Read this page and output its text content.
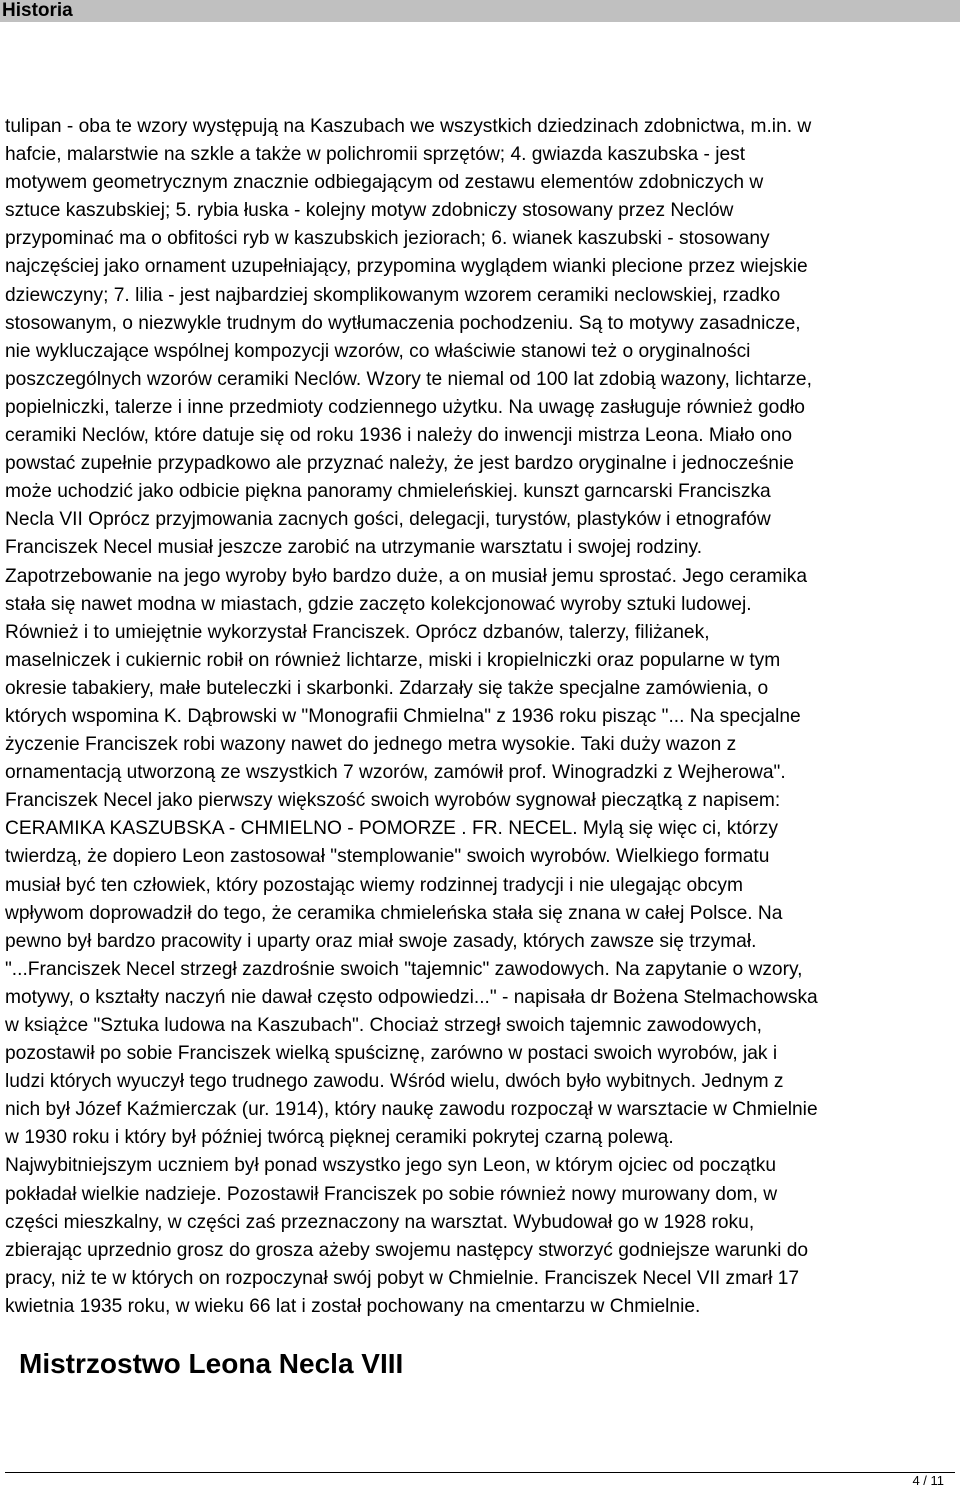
Historia

tulipan - oba te wzory występują na Kaszubach we wszystkich dziedzinach zdobnictwa, m.in. w
hafcie, malarstwie na szkle a także w polichromii sprzętów; 4. gwiazda kaszubska - jest
motywem geometrycznym znacznie odbiegającym od zestawu elementów zdobniczych w
sztuce kaszubskiej; 5. rybia łuska - kolejny motyw zdobniczy stosowany przez Neclów
przypominać ma o obfitości ryb w kaszubskich jeziorach; 6. wianek kaszubski - stosowany
najczęściej jako ornament uzupełniający, przypomina wyglądem wianki plecione przez wiejskie
dziewczyny; 7. lilia - jest najbardziej skomplikowanym wzorem ceramiki neclowskiej, rzadko
stosowanym, o niezwykle trudnym do wytłumaczenia pochodzeniu. Są to motywy zasadnicze,
nie wykluczające wspólnej kompozycji wzorów, co właściwie stanowi też o oryginalności
poszczególnych wzorów ceramiki Neclów. Wzory te niemal od 100 lat zdobią wazony, lichtarze,
popielniczki, talerze i inne przedmioty codziennego użytku. Na uwagę zasługuje również godło
ceramiki Neclów, które datuje się od roku 1936 i należy do inwencji mistrza Leona. Miało ono
powstać zupełnie przypadkowo ale przyznać należy, że jest bardzo oryginalne i jednocześnie
może uchodzić jako odbicie piękna panoramy chmieleńskiej. kunszt garncarski Franciszka
Necla VII Oprócz przyjmowania zacnych gości, delegacji, turystów, plastyków i etnografów
Franciszek Necel musiał jeszcze zarobić na utrzymanie warsztatu i swojej rodziny.
Zapotrzebowanie na jego wyroby było bardzo duże, a on musiał jemu sprostać. Jego ceramika
stała się nawet modna w miastach, gdzie zaczęto kolekcjonować wyroby sztuki ludowej.
Również i to umiejętnie wykorzystał Franciszek. Oprócz dzbanów, talerzy, filiżanek,
maselniczek i cukiernic robił on również lichtarze, miski i kropielniczki oraz popularne w tym
okresie tabakiery, małe buteleczki i skarbonki. Zdarzały się także specjalne zamówienia, o
których wspomina K. Dąbrowski w "Monografii Chmielna" z 1936 roku pisząc "... Na specjalne
życzenie Franciszek robi wazony nawet do jednego metra wysokie. Taki duży wazon z
ornamentacją utworzoną ze wszystkich 7 wzorów, zamówił prof. Winogradzki z Wejherowa".
Franciszek Necel jako pierwszy większość swoich wyrobów sygnował pieczątką z napisem:
CERAMIKA KASZUBSKA - CHMIELNO - POMORZE . FR. NECEL. Mylą się więc ci, którzy
twierdzą, że dopiero Leon zastosował "stemplowanie" swoich wyrobów. Wielkiego formatu
musiał być ten człowiek, który pozostając wiemy rodzinnej tradycji i nie ulegając obcym
wpływom doprowadził do tego, że ceramika chmieleńska stała się znana w całej Polsce. Na
pewno był bardzo pracowity i uparty oraz miał swoje zasady, których zawsze się trzymał.
"...Franciszek Necel strzegł zazdrośnie swoich "tajemnic" zawodowych. Na zapytanie o wzory,
motywy, o kształty naczyń nie dawał często odpowiedzi..." - napisała dr Bożena Stelmachowska
w książce "Sztuka ludowa na Kaszubach". Chociaż strzegł swoich tajemnic zawodowych,
pozostawił po sobie Franciszek wielką spuściznę, zarówno w postaci swoich wyrobów, jak i
ludzi których wyuczył tego trudnego zawodu. Wśród wielu, dwóch było wybitnych. Jednym z
nich był Józef Kaźmierczak (ur. 1914), który naukę zawodu rozpoczął w warsztacie w Chmielnie
w 1930 roku i który był później twórcą pięknej ceramiki pokrytej czarną polewą.
Najwybitniejszym uczniem był ponad wszystko jego syn Leon, w którym ojciec od początku
pokładał wielkie nadzieje. Pozostawił Franciszek po sobie również nowy murowany dom, w
części mieszkalny, w części zaś przeznaczony na warsztat. Wybudował go w 1928 roku,
zbierając uprzednio grosz do grosza ażeby swojemu następcy stworzyć godniejsze warunki do
pracy, niż te w których on rozpoczynał swój pobyt w Chmielnie. Franciszek Necel VII zmarł 17
kwietnia 1935 roku, w wieku 66 lat i został pochowany na cmentarzu w Chmielnie.

Mistrzostwo Leona Necla VIII
4 / 11
